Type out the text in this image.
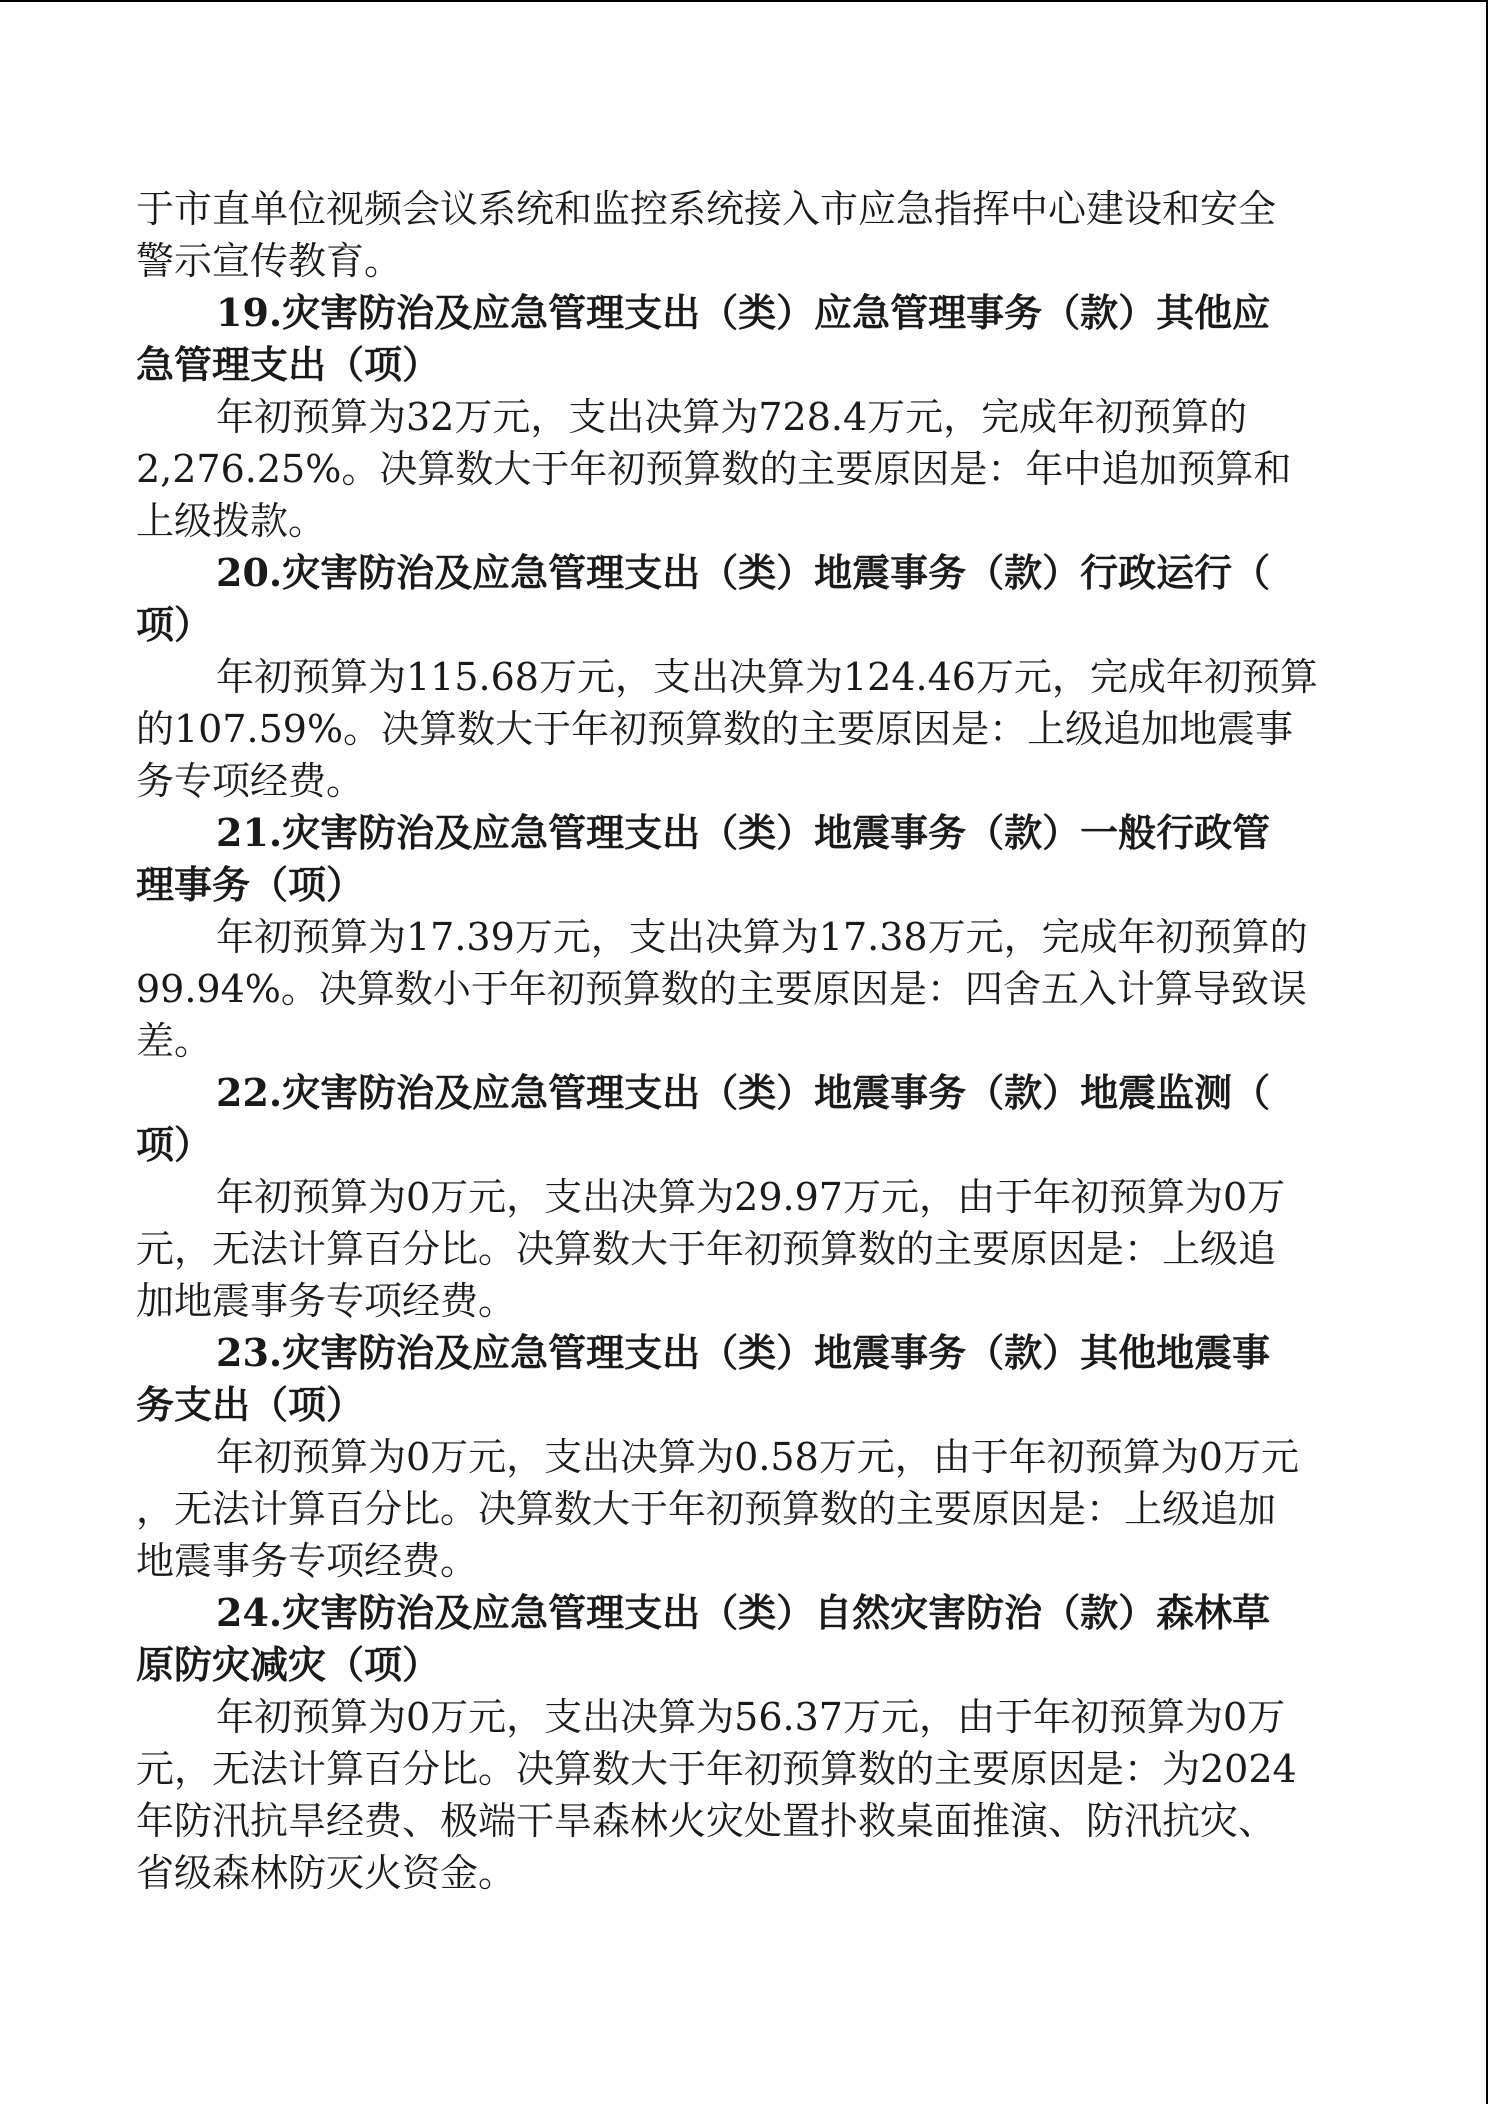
于市直单位视频会议系统和监控系统接入市应急指挥中心建设和安全
警示宣传教育。
19.灾害防治及应急管理支出（类）应急管理事务（款）其他应
急管理支出（项）
年初预算为32万元，支出决算为728.4万元，完成年初预算的
2,276.25%。决算数大于年初预算数的主要原因是：年中追加预算和
上级拨款。
20.灾害防治及应急管理支出（类）地震事务（款）行政运行（
项）
年初预算为115.68万元，支出决算为124.46万元，完成年初预算
的107.59%。决算数大于年初预算数的主要原因是：上级追加地震事
务专项经费。
21.灾害防治及应急管理支出（类）地震事务（款）一般行政管
理事务（项）
年初预算为17.39万元，支出决算为17.38万元，完成年初预算的
99.94%。决算数小于年初预算数的主要原因是：四舍五入计算导致误
差。
22.灾害防治及应急管理支出（类）地震事务（款）地震监测（
项）
年初预算为0万元，支出决算为29.97万元，由于年初预算为0万
元，无法计算百分比。决算数大于年初预算数的主要原因是：上级追
加地震事务专项经费。
23.灾害防治及应急管理支出（类）地震事务（款）其他地震事
务支出（项）
年初预算为0万元，支出决算为0.58万元，由于年初预算为0万元
，无法计算百分比。决算数大于年初预算数的主要原因是：上级追加
地震事务专项经费。
24.灾害防治及应急管理支出（类）自然灾害防治（款）森林草
原防灾减灾（项）
年初预算为0万元，支出决算为56.37万元，由于年初预算为0万
元，无法计算百分比。决算数大于年初预算数的主要原因是：为2024
年防汛抗旱经费、极端干旱森林火灾处置扑救桌面推演、防汛抗灾、
省级森林防灭火资金。
